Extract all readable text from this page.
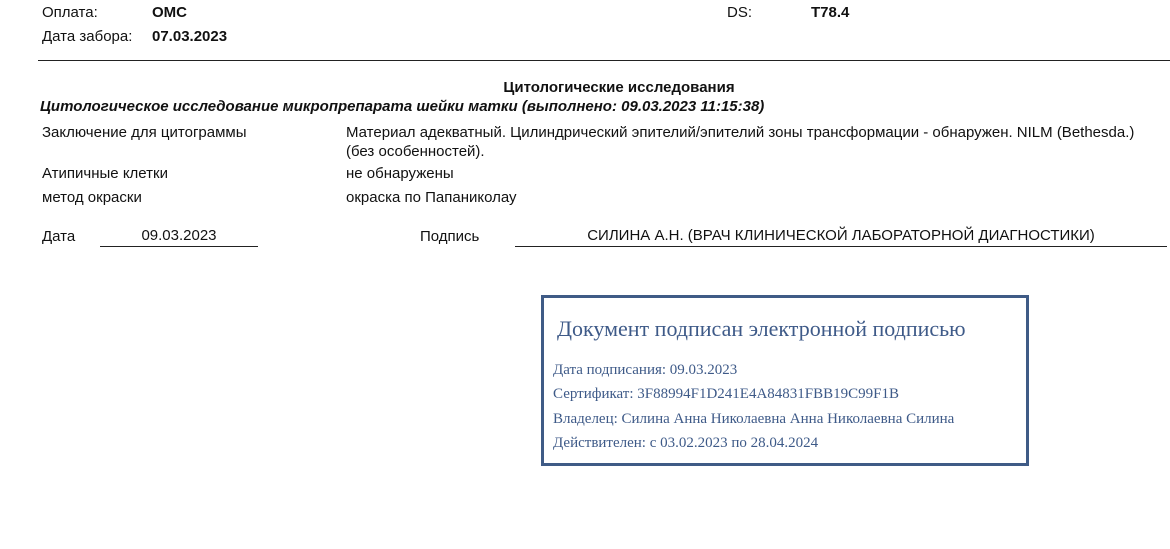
Оплата:	ОМС	DS:	T78.4
Дата забора: 07.03.2023
Цитологические исследования
Цитологическое исследование микропрепарата шейки матки (выполнено: 09.03.2023 11:15:38)
Заключение для цитограммы	Материал адекватный. Цилиндрический эпителий/эпителий зоны трансформации - обнаружен. NILM (Bethesda.) (без особенностей).
Атипичные клетки	не обнаружены
метод окраски	окраска по Папаниколау
Дата	09.03.2023	Подпись	СИЛИНА А.Н. (ВРАЧ КЛИНИЧЕСКОЙ ЛАБОРАТОРНОЙ ДИАГНОСТИКИ)
Документ подписан электронной подписью
Дата подписания: 09.03.2023
Сертификат: 3F88994F1D241E4A84831FBB19C99F1B
Владелец: Силина Анна Николаевна Анна Николаевна Силина
Действителен: с 03.02.2023 по 28.04.2024
